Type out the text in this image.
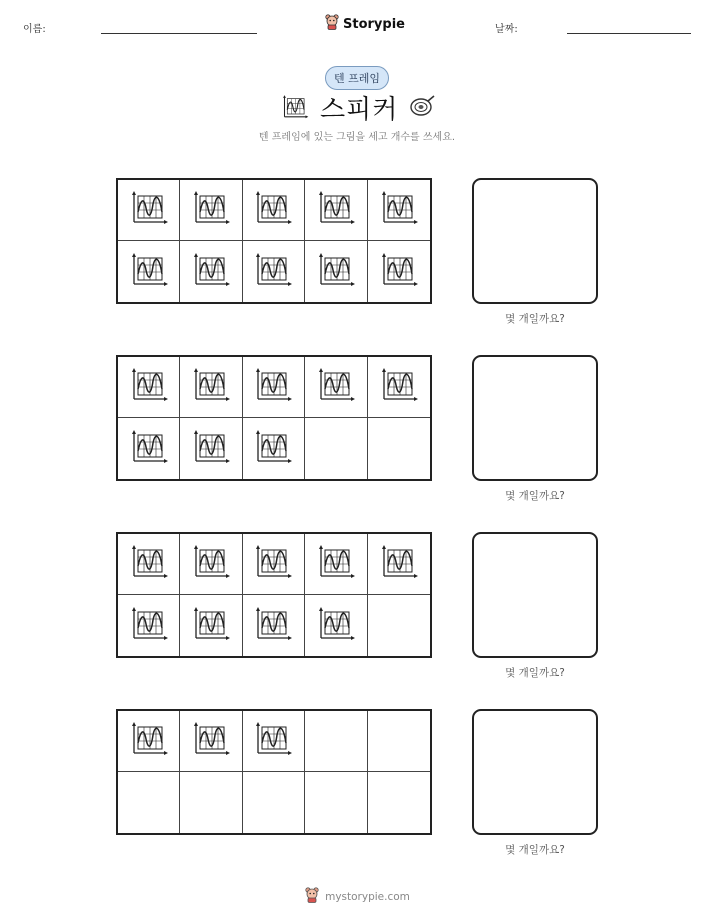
이름:	Storypie	날짜:
텐 프레임
스피커
텐 프레임에 있는 그림을 세고 개수를 쓰세요.
몇 개일까요?
몇 개일까요?
몇 개일까요?
몇 개일까요?
mystorypie.com
